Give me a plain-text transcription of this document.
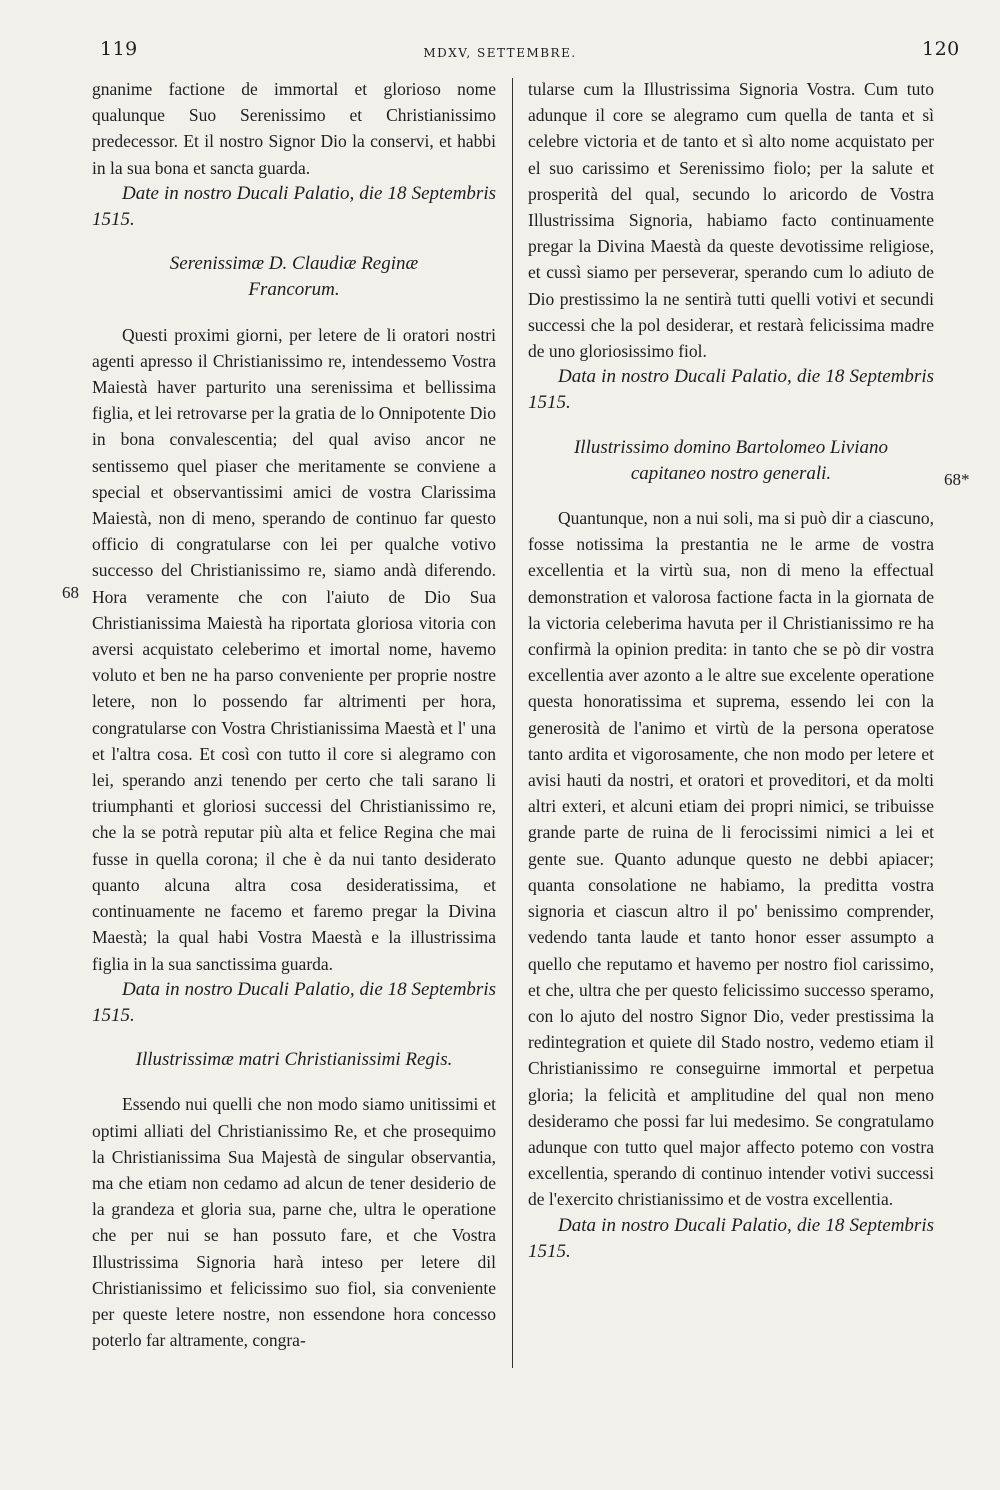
119	MDXV, SETTEMBRE.	120
68
68*

gnanime factione de immortal et glorioso nome qualunque Suo Serenissimo et Christianissimo predecessor. Et il nostro Signor Dio la conservi, et habbi in la sua bona et sancta guarda.

Date in nostro Ducali Palatio, die 18 Septembris 1515.

Serenissimæ D. Claudiæ Reginæ
Francorum.

Questi proximi giorni, per letere de li oratori nostri agenti apresso il Christianissimo re, intendessemo Vostra Maiestà haver parturito una serenissima et bellissima figlia, et lei retrovarse per la gratia de lo Onnipotente Dio in bona convalescentia; del qual aviso ancor ne sentissemo quel piaser che meritamente se conviene a special et observantissimi amici de vostra Clarissima Maiestà, non di meno, sperando de continuo far questo officio di congratularse con lei per qualche votivo successo del Christianissimo re, siamo andà diferendo. Hora veramente che con l'aiuto de Dio Sua Christianissima Maiestà ha riportata gloriosa vitoria con aversi acquistato celeberimo et imortal nome, havemo voluto et ben ne ha parso conveniente per proprie nostre letere, non lo possendo far altrimenti per hora, congratularse con Vostra Christianissima Maestà et l' una et l'altra cosa. Et così con tutto il core si alegramo con lei, sperando anzi tenendo per certo che tali sarano li triumphanti et gloriosi successi del Christianissimo re, che la se potrà reputar più alta et felice Regina che mai fusse in quella corona; il che è da nui tanto desiderato quanto alcuna altra cosa desideratissima, et continuamente ne facemo et faremo pregar la Divina Maestà; la qual habi Vostra Maestà e la illustrissima figlia in la sua sanctissima guarda.

Data in nostro Ducali Palatio, die 18 Septembris 1515.

Illustrissimæ matri Christianissimi Regis.

Essendo nui quelli che non modo siamo unitissimi et optimi alliati del Christianissimo Re, et che prosequimo la Christianissima Sua Majestà de singular observantia, ma che etiam non cedamo ad alcun de tener desiderio de la grandeza et gloria sua, parne che, ultra le operatione che per nui se han possuto fare, et che Vostra Illustrissima Signoria harà inteso per letere dil Christianissimo et felicissimo suo fiol, sia conveniente per queste letere nostre, non essendone hora concesso poterlo far altramente, congra-

tularse cum la Illustrissima Signoria Vostra. Cum tuto adunque il core se alegramo cum quella de tanta et sì celebre victoria et de tanto et sì alto nome acquistato per el suo carissimo et Serenissimo fiolo; per la salute et prosperità del qual, secundo lo aricordo de Vostra Illustrissima Signoria, habiamo facto continuamente pregar la Divina Maestà da queste devotissime religiose, et cussì siamo per perseverar, sperando cum lo adiuto de Dio prestissimo la ne sentirà tutti quelli votivi et secundi successi che la pol desiderar, et restarà felicissima madre de uno gloriosissimo fiol.

Data in nostro Ducali Palatio, die 18 Septembris 1515.

Illustrissimo domino Bartolomeo Liviano
capitaneo nostro generali.

Quantunque, non a nui soli, ma si può dir a ciascuno, fosse notissima la prestantia ne le arme de vostra excellentia et la virtù sua, non di meno la effectual demonstration et valorosa factione facta in la giornata de la victoria celeberima havuta per il Christianissimo re ha confirmà la opinion predita: in tanto che se pò dir vostra excellentia aver azonto a le altre sue excelente operatione questa honoratissima et suprema, essendo lei con la generosità de l'animo et virtù de la persona operatose tanto ardita et vigorosamente, che non modo per letere et avisi hauti da nostri, et oratori et proveditori, et da molti altri exteri, et alcuni etiam dei propri nimici, se tribuisse grande parte de ruina de li ferocissimi nimici a lei et gente sue. Quanto adunque questo ne debbi apiacer; quanta consolatione ne habiamo, la preditta vostra signoria et ciascun altro il po' benissimo comprender, vedendo tanta laude et tanto honor esser assumpto a quello che reputamo et havemo per nostro fiol carissimo, et che, ultra che per questo felicissimo successo speramo, con lo ajuto del nostro Signor Dio, veder prestissima la redintegration et quiete dil Stado nostro, vedemo etiam il Christianissimo re conseguirne immortal et perpetua gloria; la felicità et amplitudine del qual non meno desideramo che possi far lui medesimo. Se congratulamo adunque con tutto quel major affecto potemo con vostra excellentia, sperando di continuo intender votivi successi de l'exercito christianissimo et de vostra excellentia.

Data in nostro Ducali Palatio, die 18 Septembris 1515.
